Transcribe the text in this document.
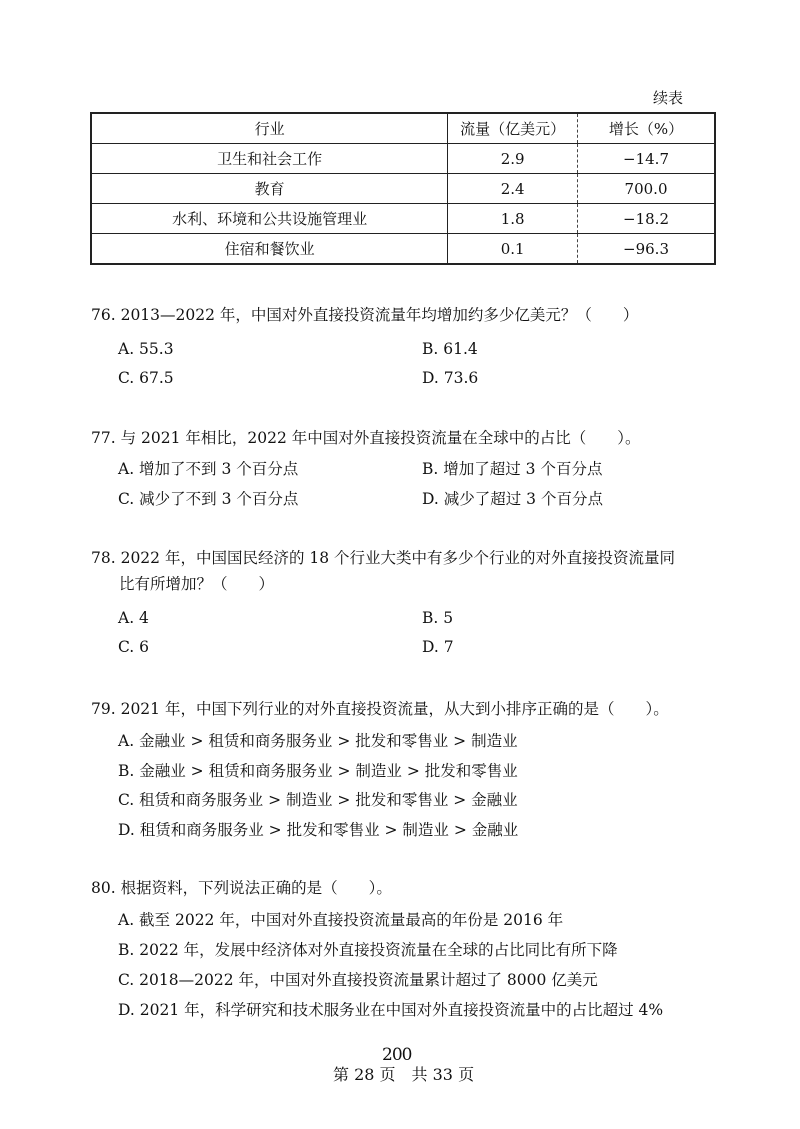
续表
行业	流量（亿美元）	增长（%）
卫生和社会工作	2.9	−14.7
教育	2.4	700.0
水利、环境和公共设施管理业	1.8	−18.2
住宿和餐饮业	0.1	−96.3
76. 2013—2022 年，中国对外直接投资流量年均增加约多少亿美元？（　　）
A. 55.3	B. 61.4
C. 67.5	D. 73.6
77. 与 2021 年相比，2022 年中国对外直接投资流量在全球中的占比（　　）。
A. 增加了不到 3 个百分点	B. 增加了超过 3 个百分点
C. 减少了不到 3 个百分点	D. 减少了超过 3 个百分点
78. 2022 年，中国国民经济的 18 个行业大类中有多少个行业的对外直接投资流量同
比有所增加？（　　）
A. 4	B. 5
C. 6	D. 7
79. 2021 年，中国下列行业的对外直接投资流量，从大到小排序正确的是（　　）。
A. 金融业 > 租赁和商务服务业 > 批发和零售业 > 制造业
B. 金融业 > 租赁和商务服务业 > 制造业 > 批发和零售业
C. 租赁和商务服务业 > 制造业 > 批发和零售业 > 金融业
D. 租赁和商务服务业 > 批发和零售业 > 制造业 > 金融业
80. 根据资料，下列说法正确的是（　　）。
A. 截至 2022 年，中国对外直接投资流量最高的年份是 2016 年
B. 2022 年，发展中经济体对外直接投资流量在全球的占比同比有所下降
C. 2018—2022 年，中国对外直接投资流量累计超过了 8000 亿美元
D. 2021 年，科学研究和技术服务业在中国对外直接投资流量中的占比超过 4%
200
第 28 页　共 33 页
